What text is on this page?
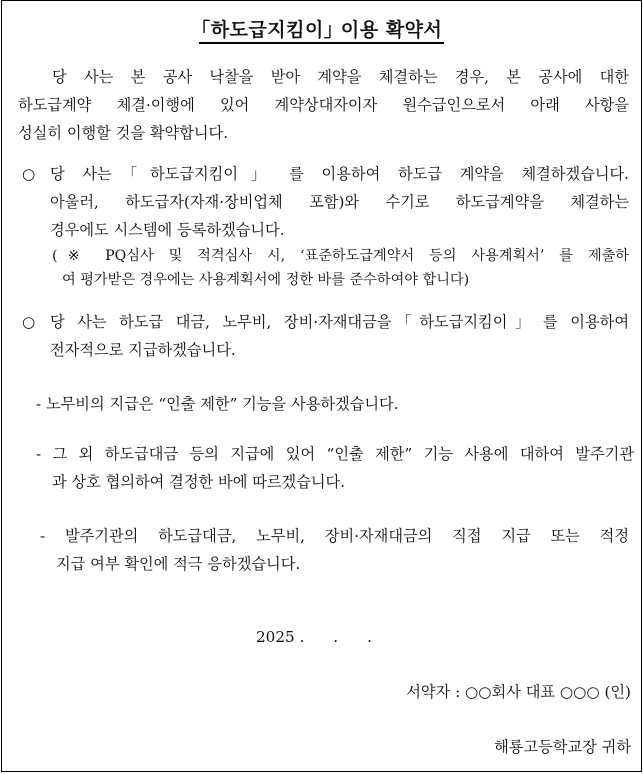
｢하도급지킴이｣ 이용 확약서
당 사는 본 공사 낙찰을 받아 계약을 체결하는 경우, 본 공사에 대한
하도급계약 체결·이행에 있어 계약상대자이자 원수급인으로서 아래 사항을
성실히 이행할 것을 확약합니다.
○ 당 사는 ｢하도급지킴이｣ 를 이용하여 하도급 계약을 체결하겠습니다.
아울러, 하도급자(자재·장비업체 포함)와 수기로 하도급계약을 체결하는
경우에도 시스템에 등록하겠습니다.
(※ PQ심사 및 적격심사 시, ‘표준하도급계약서 등의 사용계획서’ 를 제출하
여 평가받은 경우에는 사용계획서에 정한 바를 준수하여야 합니다)
○ 당 사는 하도급 대금, 노무비, 장비·자재대금을 ｢하도급지킴이｣ 를 이용하여
전자적으로 지급하겠습니다.
- 노무비의 지급은 “인출 제한” 기능을 사용하겠습니다.
- 그 외 하도급대금 등의 지급에 있어 “인출 제한” 기능 사용에 대하여 발주기관
과 상호 협의하여 결정한 바에 따르겠습니다.
- 발주기관의 하도급대금, 노무비, 장비·자재대금의 직접 지급 또는 적정
지급 여부 확인에 적극 응하겠습니다.
2025 .      .      .
서약자 : ○○회사 대표 ○○○ (인)
해룡고등학교장 귀하
